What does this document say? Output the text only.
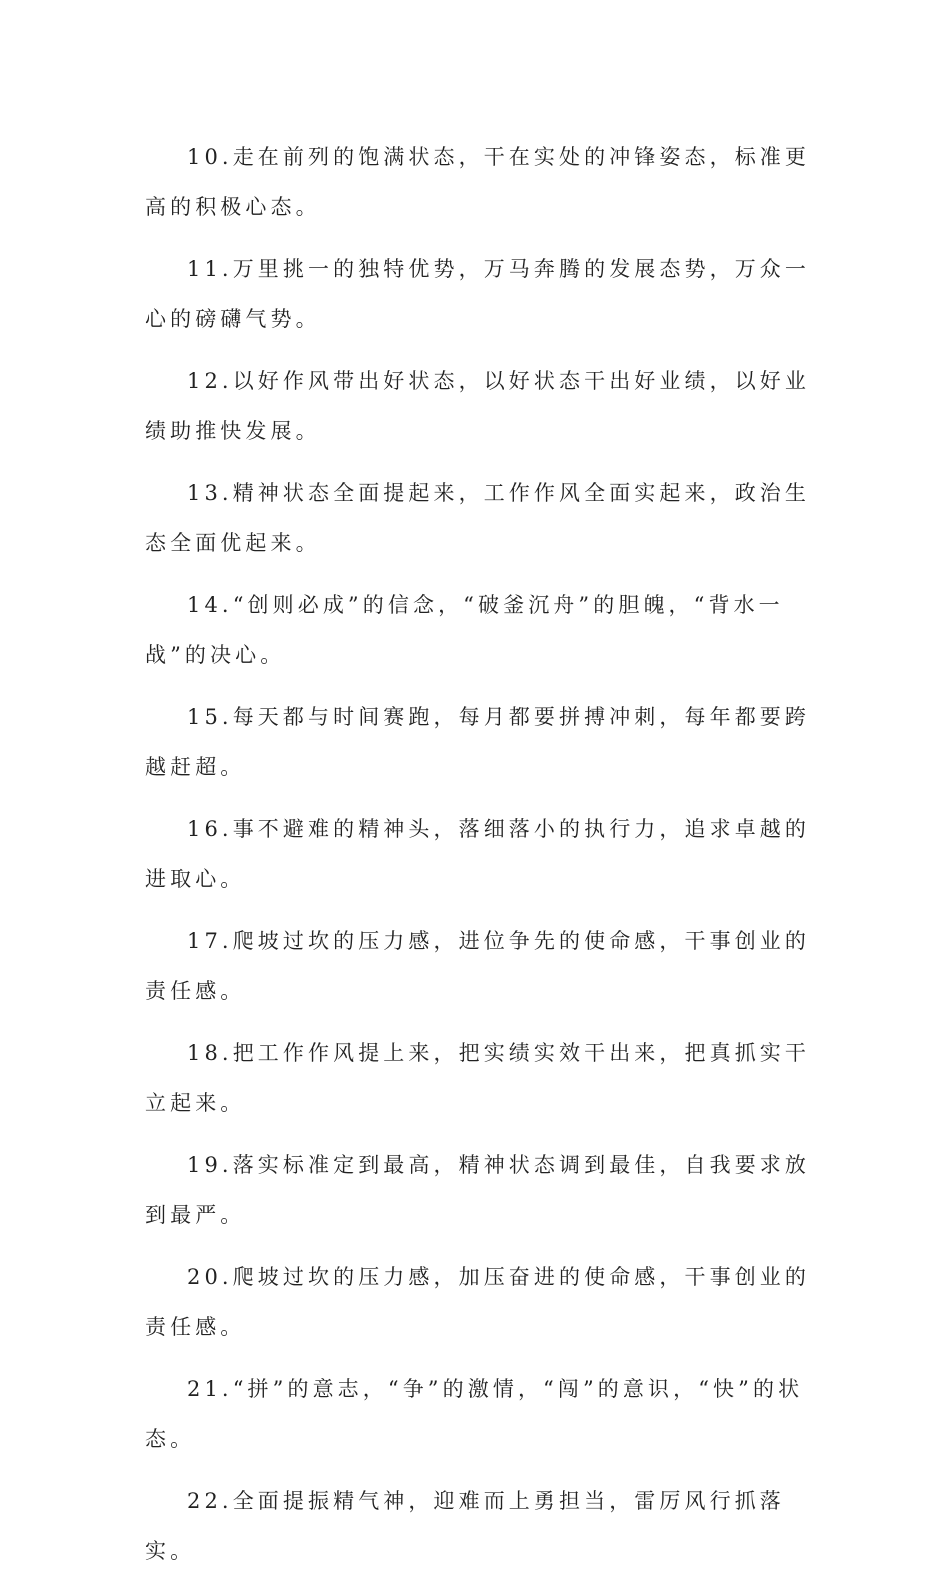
10.走在前列的饱满状态，干在实处的冲锋姿态，标准更高的积极心态。

11.万里挑一的独特优势，万马奔腾的发展态势，万众一心的磅礴气势。

12.以好作风带出好状态，以好状态干出好业绩，以好业绩助推快发展。

13.精神状态全面提起来，工作作风全面实起来，政治生态全面优起来。

14.“创则必成”的信念，“破釜沉舟”的胆魄，“背水一战”的决心。

15.每天都与时间赛跑，每月都要拼搏冲刺，每年都要跨越赶超。

16.事不避难的精神头，落细落小的执行力，追求卓越的进取心。

17.爬坡过坎的压力感，进位争先的使命感，干事创业的责任感。

18.把工作作风提上来，把实绩实效干出来，把真抓实干立起来。

19.落实标准定到最高，精神状态调到最佳，自我要求放到最严。

20.爬坡过坎的压力感，加压奋进的使命感，干事创业的责任感。

21.“拼”的意志，“争”的激情，“闯”的意识，“快”的状态。

22.全面提振精气神，迎难而上勇担当，雷厉风行抓落实。
